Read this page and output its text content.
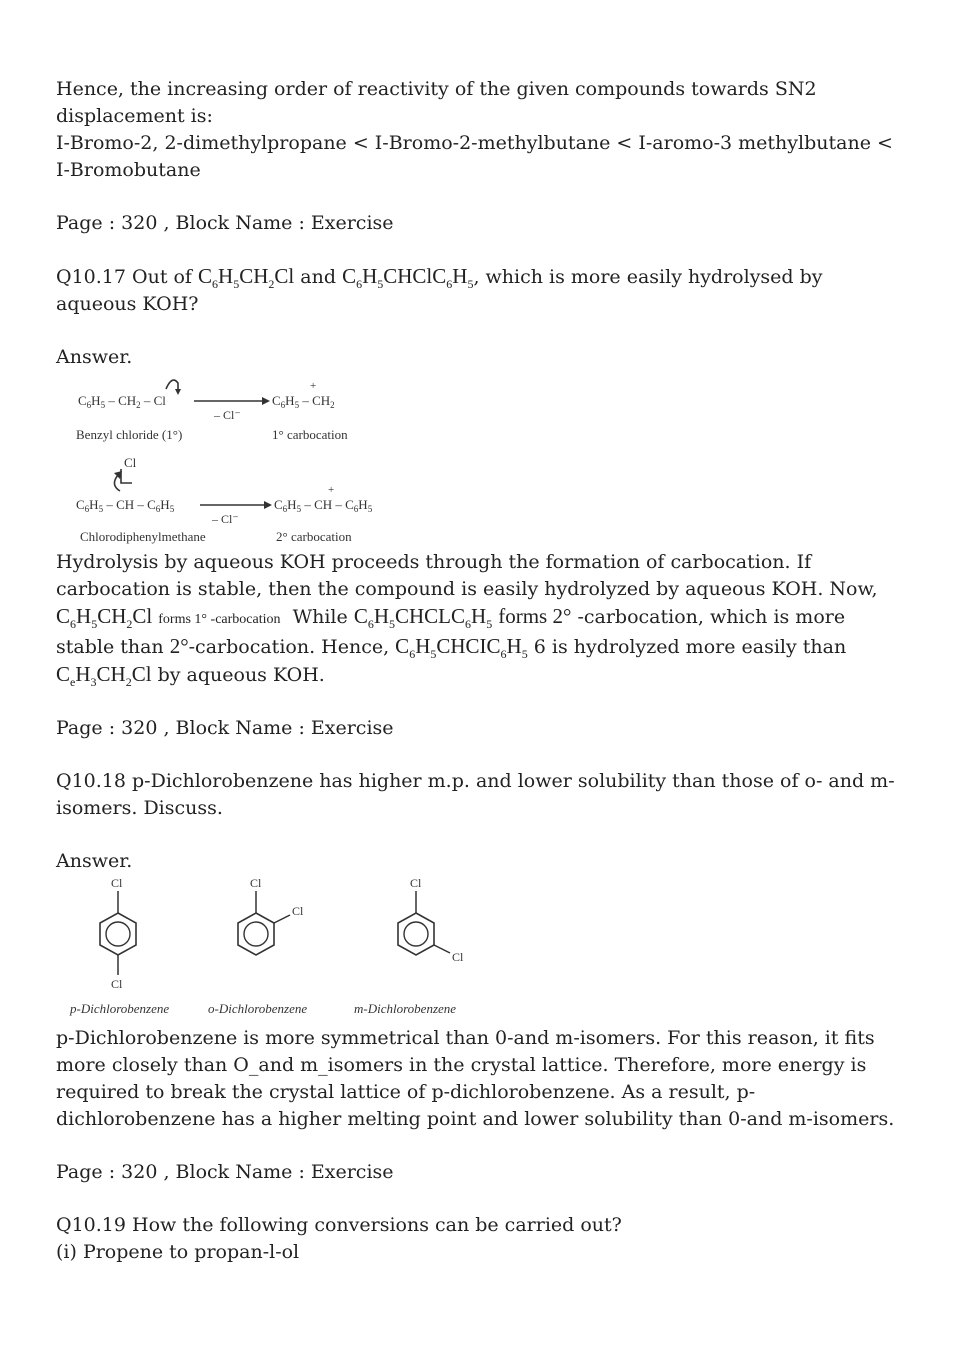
Hence, the increasing order of reactivity of the given compounds towards SN2 displacement is:

I-Bromo-2, 2-dimethylpropane < I-Bromo-2-methylbutane < I-aromo-3 methylbutane < I-Bromobutane

Page : 320 , Block Name : Exercise

Q10.17 Out of $C_6H_5CH_2Cl$ and $C_6H_5CHClC_6H_5$, which is more easily hydrolysed by aqueous KOH?

Answer.

$C_6H_5 - CH_2$ – Cl
– Cl⁻
+
$C_6H_5 - CH_2$
Benzyl chloride (1°)	1° carbocation
Cl
$C_6H_5$ – CH – $C_6H_5$
– Cl⁻
+
$C_6H_5$ – CH – $C_6H_5$
Chlorodiphenylmethane	2° carbocation

Hydrolysis by aqueous KOH proceeds through the formation of carbocation. If carbocation is stable, then the compound is easily hydrolyzed by aqueous KOH. Now,
$C_6H_5CH_2Cl$ forms 1° -carbocation While $C_6H_5CHCLC_6H_5$ forms 2° -carbocation, which is more stable than 2°-carbocation. Hence, $C_6H_5CHCIC_6H_5$ 6 is hydrolyzed more easily than
$C_eH_3CH_2Cl$ by aqueous KOH.

Page : 320 , Block Name : Exercise

Q10.18 p-Dichlorobenzene has higher m.p. and lower solubility than those of o- and m-isomers. Discuss.

Answer.

Cl
Cl
p-Dichlorobenzene
Cl
Cl
o-Dichlorobenzene
Cl
Cl
m-Dichlorobenzene

p-Dichlorobenzene is more symmetrical than 0-and m-isomers. For this reason, it fits more closely than O_and m_isomers in the crystal lattice. Therefore, more energy is required to break the crystal lattice of p-dichlorobenzene. As a result, p-dichlorobenzene has a higher melting point and lower solubility than 0-and m-isomers.

Page : 320 , Block Name : Exercise

Q10.19 How the following conversions can be carried out?

(i) Propene to propan-l-ol
